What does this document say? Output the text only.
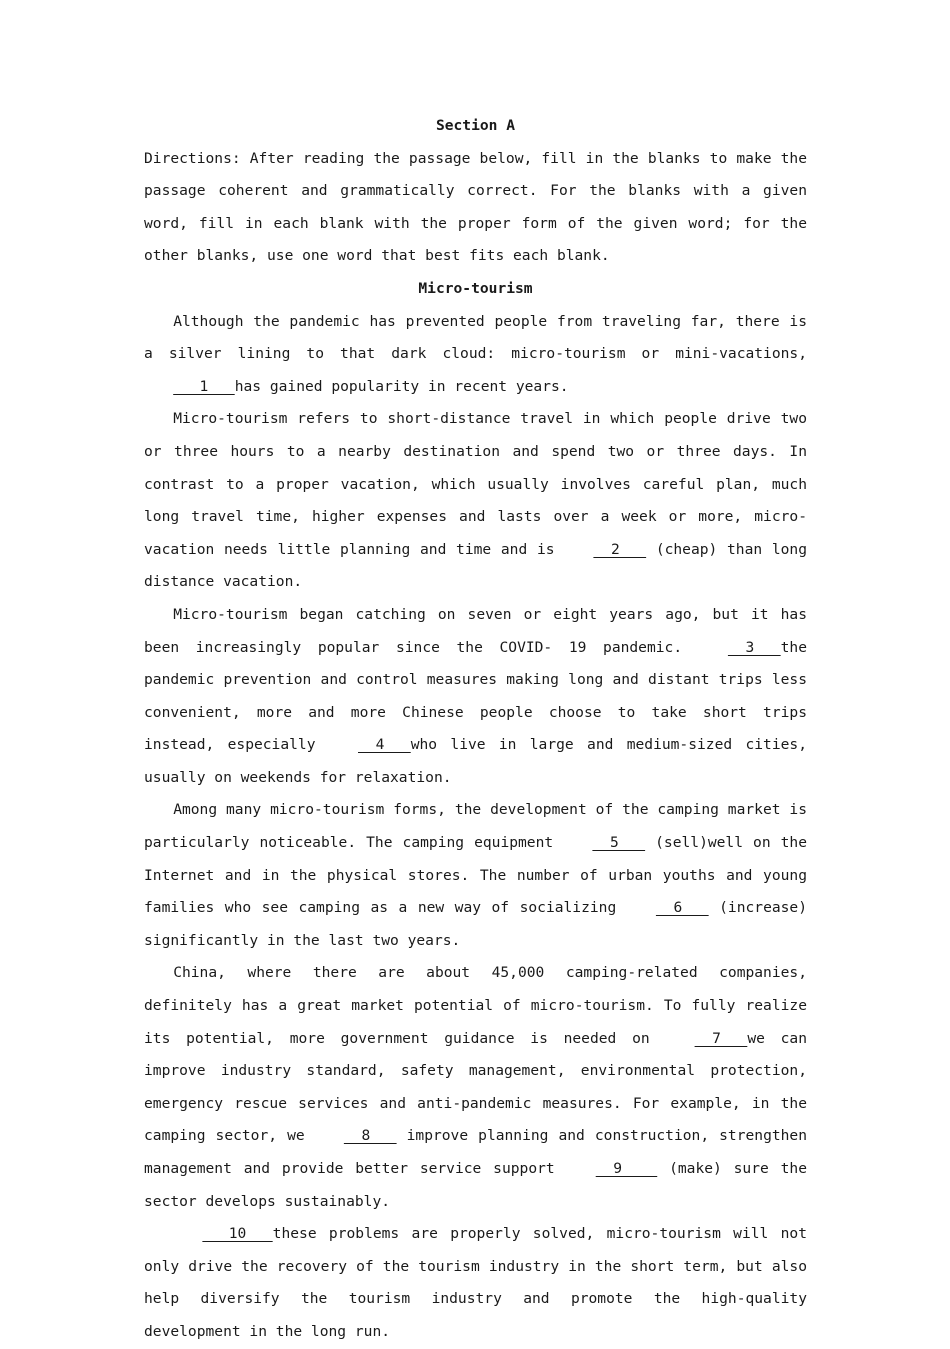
Section A

Directions: After reading the passage below, fill in the blanks to make the passage coherent and grammatically correct. For the blanks with a given word, fill in each blank with the proper form of the given word; for the other blanks, use one word that best fits each blank.

Micro-tourism

Although the pandemic has prevented people from traveling far, there is a silver lining to that dark cloud: micro-tourism or mini-vacations,    1   has gained popularity in recent years.

Micro-tourism refers to short-distance travel in which people drive two or three hours to a nearby destination and spend two or three days. In contrast to a proper vacation, which usually involves careful plan, much long travel time, higher expenses and lasts over a week or more, micro-vacation needs little planning and time and is   2    (cheap) than long distance vacation.

Micro-tourism began catching on seven or eight years ago, but it has been increasingly popular since the COVID- 19 pandemic.   3   the pandemic prevention and control measures making long and distant trips less convenient, more and more Chinese people choose to take short trips instead, especially   4   who live in large and medium-sized cities, usually on weekends for relaxation.

Among many micro-tourism forms, the development of the camping market is particularly noticeable. The camping equipment   5    (sell)well on the Internet and in the physical stores. The number of urban youths and young families who see camping as a new way of socializing   6    (increase) significantly in the last two years.

China, where there are about 45,000 camping-related companies, definitely has a great market potential of micro-tourism. To fully realize its potential, more government guidance is needed on   7   we can improve industry standard, safety management, environmental protection, emergency rescue services and anti-pandemic measures. For example, in the camping sector, we   8    improve planning and construction, strengthen management and provide better service support   9     (make) sure the sector develops sustainably.

10   these problems are properly solved, micro-tourism will not only drive the recovery of the tourism industry in the short term, but also help diversify the tourism industry and promote the high-quality development in the long run.
